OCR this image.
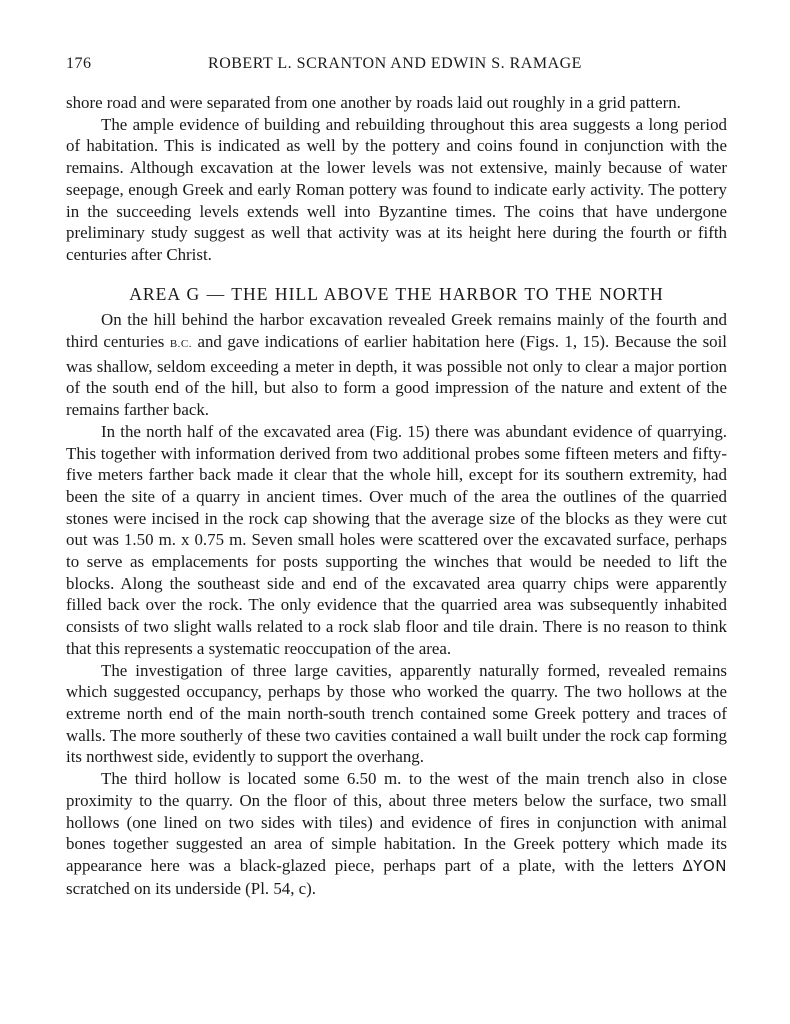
176	ROBERT L. SCRANTON AND EDWIN S. RAMAGE

shore road and were separated from one another by roads laid out roughly in a grid pattern.

The ample evidence of building and rebuilding throughout this area suggests a long period of habitation. This is indicated as well by the pottery and coins found in conjunction with the remains. Although excavation at the lower levels was not extensive, mainly because of water seepage, enough Greek and early Roman pottery was found to indicate early activity. The pottery in the succeeding levels extends well into Byzantine times. The coins that have undergone preliminary study suggest as well that activity was at its height here during the fourth or fifth centuries after Christ.

AREA G — THE HILL ABOVE THE HARBOR TO THE NORTH

On the hill behind the harbor excavation revealed Greek remains mainly of the fourth and third centuries B.C. and gave indications of earlier habitation here (Figs. 1, 15). Because the soil was shallow, seldom exceeding a meter in depth, it was possible not only to clear a major portion of the south end of the hill, but also to form a good impression of the nature and extent of the remains farther back.

In the north half of the excavated area (Fig. 15) there was abundant evidence of quarrying. This together with information derived from two additional probes some fifteen meters and fifty-five meters farther back made it clear that the whole hill, except for its southern extremity, had been the site of a quarry in ancient times. Over much of the area the outlines of the quarried stones were incised in the rock cap showing that the average size of the blocks as they were cut out was 1.50 m. x 0.75 m. Seven small holes were scattered over the excavated surface, perhaps to serve as emplacements for posts supporting the winches that would be needed to lift the blocks. Along the southeast side and end of the excavated area quarry chips were apparently filled back over the rock. The only evidence that the quarried area was subsequently inhabited consists of two slight walls related to a rock slab floor and tile drain. There is no reason to think that this represents a systematic reoccupation of the area.

The investigation of three large cavities, apparently naturally formed, revealed remains which suggested occupancy, perhaps by those who worked the quarry. The two hollows at the extreme north end of the main north-south trench contained some Greek pottery and traces of walls. The more southerly of these two cavities contained a wall built under the rock cap forming its northwest side, evidently to support the overhang.

The third hollow is located some 6.50 m. to the west of the main trench also in close proximity to the quarry. On the floor of this, about three meters below the surface, two small hollows (one lined on two sides with tiles) and evidence of fires in conjunction with animal bones together suggested an area of simple habitation. In the Greek pottery which made its appearance here was a black-glazed piece, perhaps part of a plate, with the letters ΔΥΟΝ scratched on its underside (Pl. 54, c).
